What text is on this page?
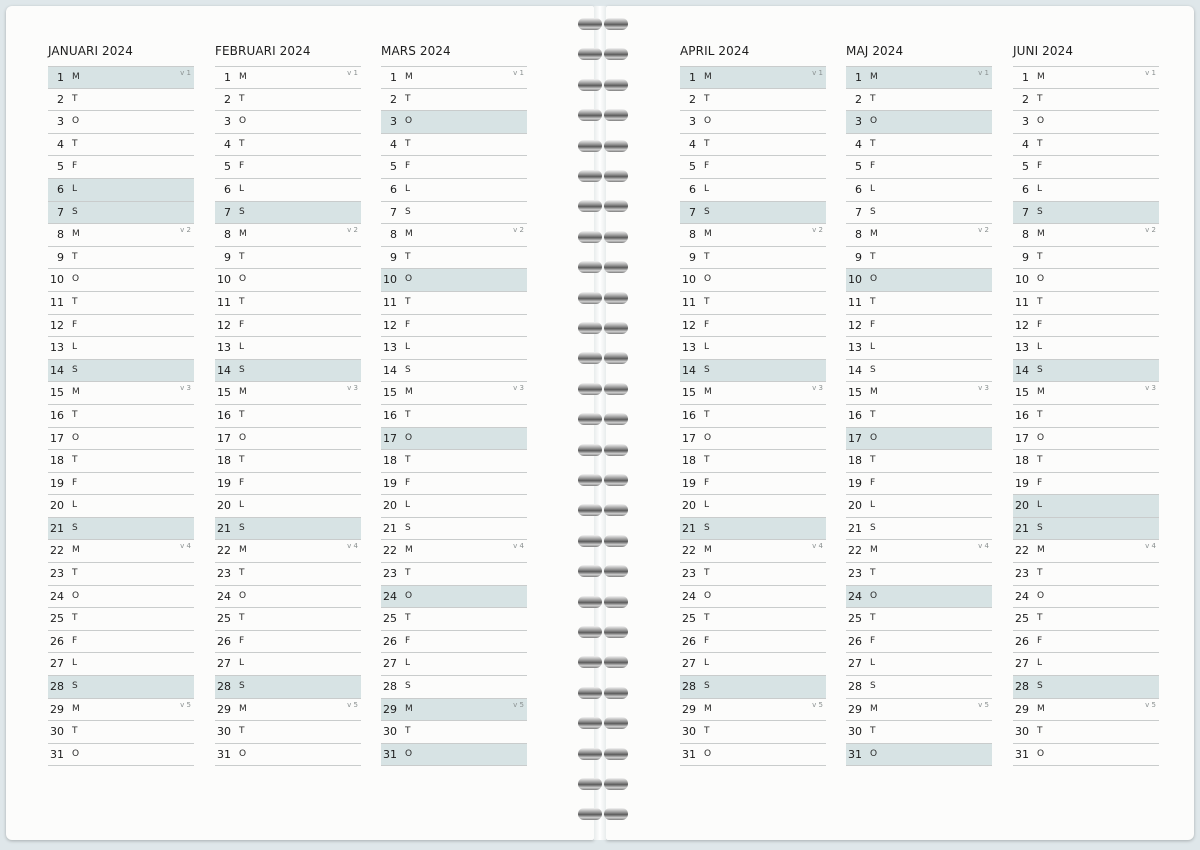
JANUARI 2024
1 M	v 1
2 T
3 O
4 T
5 F
6 L
7 S
8 M	v 2
9 T
10 O
11 T
12 F
13 L
14 S
15 M	v 3
16 T
17 O
18 T
19 F
20 L
21 S
22 M	v 4
23 T
24 O
25 T
26 F
27 L
28 S
29 M	v 5
30 T
31 O
FEBRUARI 2024
1 M	v 1
2 T
3 O
4 T
5 F
6 L
7 S
8 M	v 2
9 T
10 O
11 T
12 F
13 L
14 S
15 M	v 3
16 T
17 O
18 T
19 F
20 L
21 S
22 M	v 4
23 T
24 O
25 T
26 F
27 L
28 S
29 M	v 5
30 T
31 O
MARS 2024
1 M	v 1
2 T
3 O
4 T
5 F
6 L
7 S
8 M	v 2
9 T
10 O
11 T
12 F
13 L
14 S
15 M	v 3
16 T
17 O
18 T
19 F
20 L
21 S
22 M	v 4
23 T
24 O
25 T
26 F
27 L
28 S
29 M	v 5
30 T
31 O
APRIL 2024
1 M	v 1
2 T
3 O
4 T
5 F
6 L
7 S
8 M	v 2
9 T
10 O
11 T
12 F
13 L
14 S
15 M	v 3
16 T
17 O
18 T
19 F
20 L
21 S
22 M	v 4
23 T
24 O
25 T
26 F
27 L
28 S
29 M	v 5
30 T
31 O
MAJ 2024
1 M	v 1
2 T
3 O
4 T
5 F
6 L
7 S
8 M	v 2
9 T
10 O
11 T
12 F
13 L
14 S
15 M	v 3
16 T
17 O
18 T
19 F
20 L
21 S
22 M	v 4
23 T
24 O
25 T
26 F
27 L
28 S
29 M	v 5
30 T
31 O
JUNI 2024
1 M	v 1
2 T
3 O
4 T
5 F
6 L
7 S
8 M	v 2
9 T
10 O
11 T
12 F
13 L
14 S
15 M	v 3
16 T
17 O
18 T
19 F
20 L
21 S
22 M	v 4
23 T
24 O
25 T
26 F
27 L
28 S
29 M	v 5
30 T
31 O
